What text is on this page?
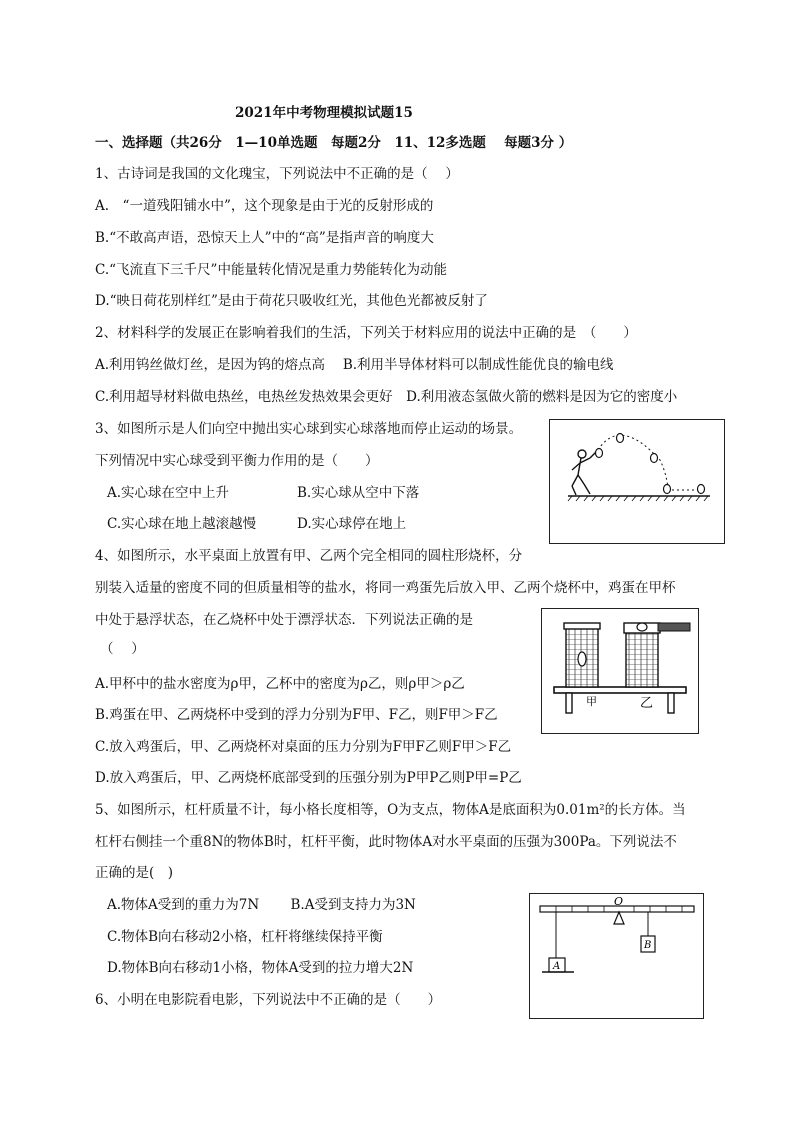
2021年中考物理模拟试题15
一、选择题（共26分　1—10单选题　每题2分　11、12多选题　 每题3分 ）
1、古诗词是我国的文化瑰宝，下列说法中不正确的是（　 ）
A.　“一道残阳铺水中”，这个现象是由于光的反射形成的
B.“不敢高声语，恐惊天上人”中的“高”是指声音的响度大
C.“飞流直下三千尺”中能量转化情况是重力势能转化为动能
D.“映日荷花别样红”是由于荷花只吸收红光，其他色光都被反射了
2、材料科学的发展正在影响着我们的生活，下列关于材料应用的说法中正确的是　（　　）
A.利用钨丝做灯丝，是因为钨的熔点高　 B.利用半导体材料可以制成性能优良的输电线
C.利用超导材料做电热丝，电热丝发热效果会更好　D.利用液态氢做火箭的燃料是因为它的密度小
3、如图所示是人们向空中抛出实心球到实心球落地而停止运动的场景。
下列情况中实心球受到平衡力作用的是（　　）
A.实心球在空中上升	B.实心球从空中下落
C.实心球在地上越滚越慢	D.实心球停在地上
4、如图所示，水平桌面上放置有甲、乙两个完全相同的圆柱形烧杯，分
别装入适量的密度不同的但质量相等的盐水，将同一鸡蛋先后放入甲、乙两个烧杯中，鸡蛋在甲杯
中处于悬浮状态，在乙烧杯中处于漂浮状态．下列说法正确的是
（　 ）
A.甲杯中的盐水密度为ρ甲，乙杯中的密度为ρ乙，则ρ甲＞ρ乙
B.鸡蛋在甲、乙两烧杯中受到的浮力分别为F甲、F乙，则F甲＞F乙
C.放入鸡蛋后，甲、乙两烧杯对桌面的压力分别为F甲F乙则F甲＞F乙
D.放入鸡蛋后，甲、乙两烧杯底部受到的压强分别为P甲P乙则P甲=P乙
甲	乙
5、如图所示，杠杆质量不计，每小格长度相等，O为支点，物体A是底面积为0.01m²的长方体。当
杠杆右侧挂一个重8N的物体B时，杠杆平衡，此时物体A对水平桌面的压强为300Pa。下列说法不
正确的是(　)
A.物体A受到的重力为7N　　 B.A受到支持力为3N
C.物体B向右移动2小格，杠杆将继续保持平衡
D.物体B向右移动1小格，物体A受到的拉力增大2N
O
A
B
6、小明在电影院看电影，下列说法中不正确的是（　　）
